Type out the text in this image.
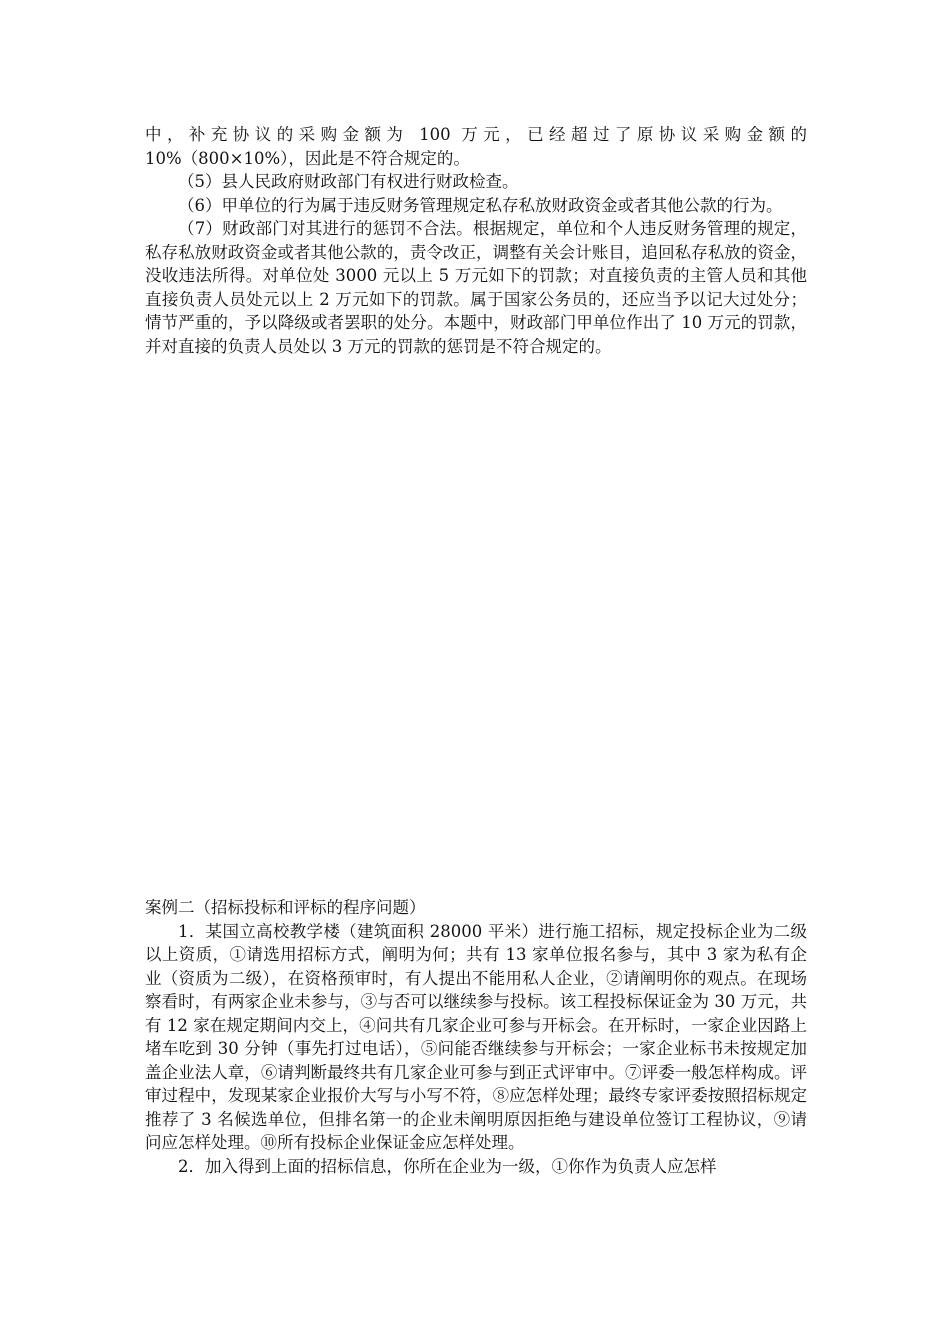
中，补充协议的采购金额为 100 万元，已经超过了原协议采购金额的 10%（800×10%），因此是不符合规定的。

（5）县人民政府财政部门有权进行财政检查。

（6）甲单位的行为属于违反财务管理规定私存私放财政资金或者其他公款的行为。

（7）财政部门对其进行的惩罚不合法。根据规定，单位和个人违反财务管理的规定，私存私放财政资金或者其他公款的，责令改正，调整有关会计账目，追回私存私放的资金，没收违法所得。对单位处 3000 元以上 5 万元如下的罚款；对直接负责的主管人员和其他直接负责人员处元以上 2 万元如下的罚款。属于国家公务员的，还应当予以记大过处分；情节严重的，予以降级或者罢职的处分。本题中，财政部门甲单位作出了 10 万元的罚款，并对直接的负责人员处以 3 万元的罚款的惩罚是不符合规定的。

案例二（招标投标和评标的程序问题）

1．某国立高校教学楼（建筑面积 28000 平米）进行施工招标，规定投标企业为二级以上资质，①请选用招标方式，阐明为何；共有 13 家单位报名参与，其中 3 家为私有企业（资质为二级），在资格预审时，有人提出不能用私人企业，②请阐明你的观点。在现场察看时，有两家企业未参与，③与否可以继续参与投标。该工程投标保证金为 30 万元，共有 12 家在规定期间内交上，④问共有几家企业可参与开标会。在开标时，一家企业因路上堵车吃到 30 分钟（事先打过电话），⑤问能否继续参与开标会；一家企业标书未按规定加盖企业法人章，⑥请判断最终共有几家企业可参与到正式评审中。⑦评委一般怎样构成。评审过程中，发现某家企业报价大写与小写不符，⑧应怎样处理；最终专家评委按照招标规定推荐了 3 名候选单位，但排名第一的企业未阐明原因拒绝与建设单位签订工程协议，⑨请问应怎样处理。⑩所有投标企业保证金应怎样处理。

2．加入得到上面的招标信息，你所在企业为一级，①你作为负责人应怎样
